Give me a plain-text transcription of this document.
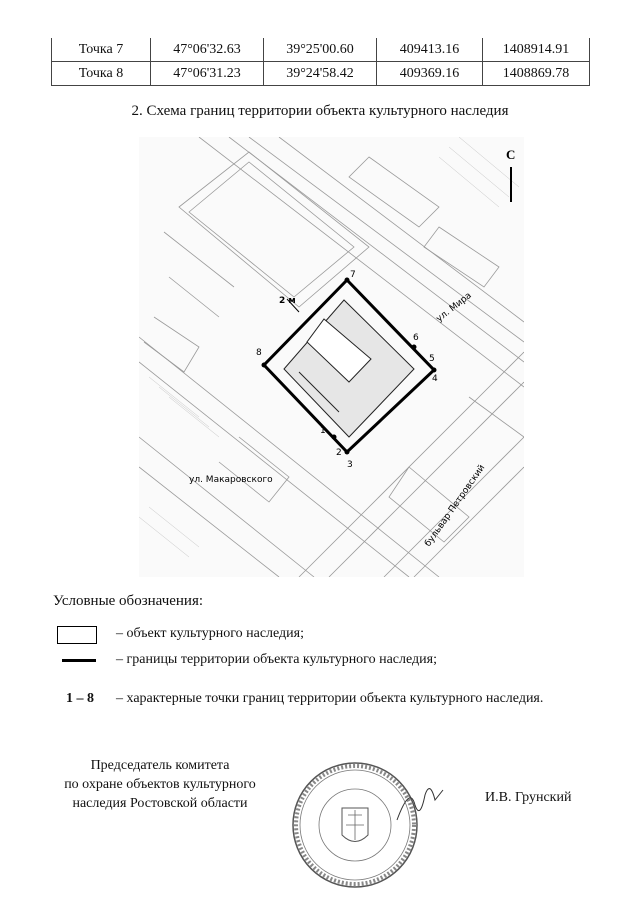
Точка 7	47°06'32.63	39°25'00.60	409413.16	1408914.91
Точка 8	47°06'31.23	39°24'58.42	409369.16	1408869.78
2. Схема границ территории объекта культурного наследия
1
2
3
4
5
6
7
8
2 м	ул. Мира
ул. Макаровского	бульвар Петровский
С
Условные обозначения:
– объект культурного наследия;
– границы территории объекта культурного наследия;
1 – 8 – характерные точки границ территории объекта культурного наследия.
Председатель комитета
по охране объектов культурного
наследия Ростовской области	И.В. Грунский
